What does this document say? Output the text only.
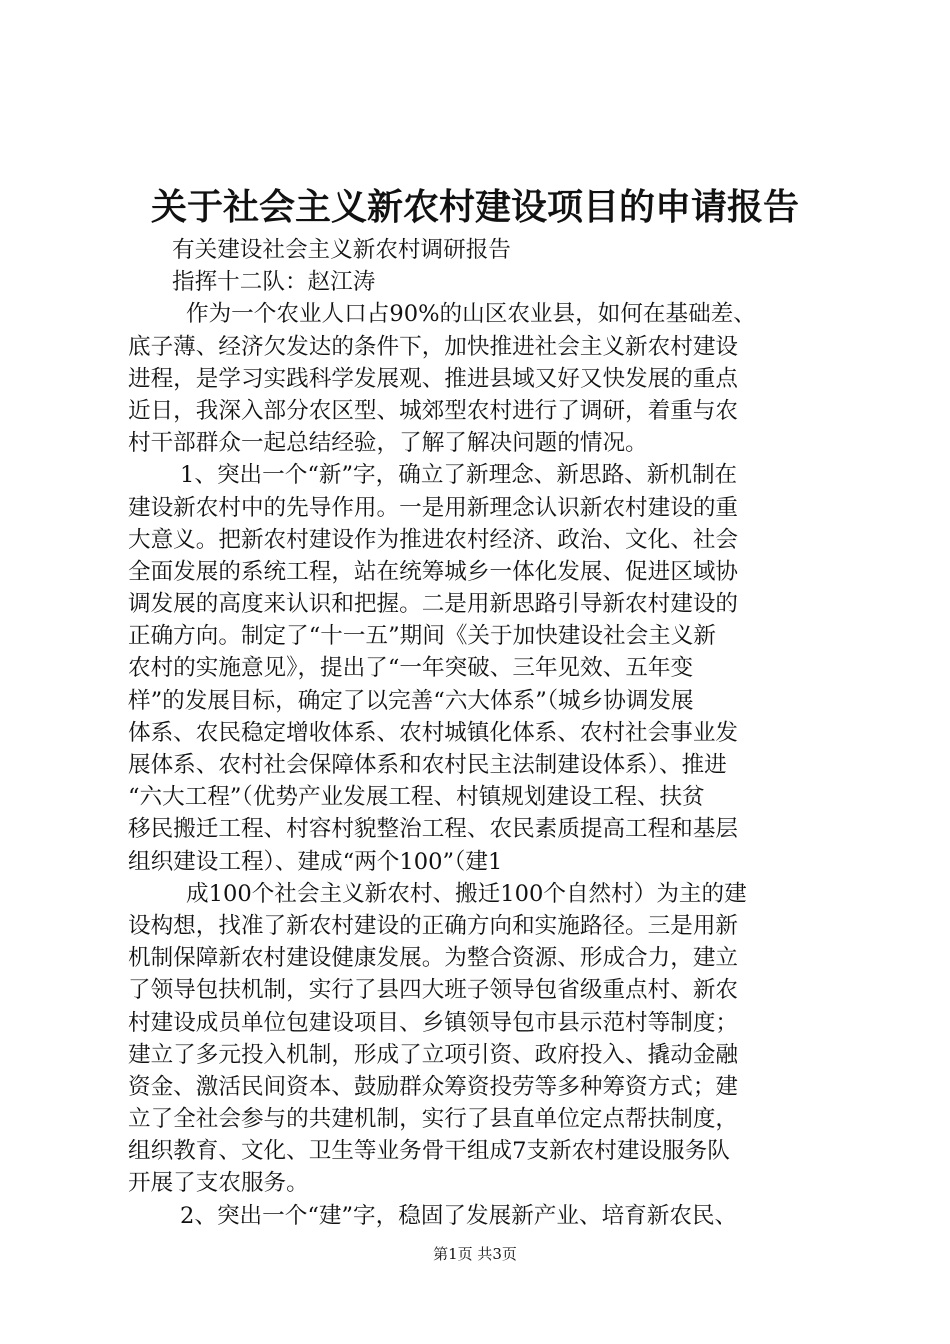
关于社会主义新农村建设项目的申请报告
有关建设社会主义新农村调研报告
指挥十二队：赵江涛
作为一个农业人口占90%的山区农业县，如何在基础差、
底子薄、经济欠发达的条件下，加快推进社会主义新农村建设
进程，是学习实践科学发展观、推进县域又好又快发展的重点
近日，我深入部分农区型、城郊型农村进行了调研，着重与农
村干部群众一起总结经验，了解了解决问题的情况。
1、突出一个“新”字，确立了新理念、新思路、新机制在
建设新农村中的先导作用。一是用新理念认识新农村建设的重
大意义。把新农村建设作为推进农村经济、政治、文化、社会
全面发展的系统工程，站在统筹城乡一体化发展、促进区域协
调发展的高度来认识和把握。二是用新思路引导新农村建设的
正确方向。制定了“十一五”期间《关于加快建设社会主义新
农村的实施意见》，提出了“一年突破、三年见效、五年变
样”的发展目标，确定了以完善“六大体系”（城乡协调发展
体系、农民稳定增收体系、农村城镇化体系、农村社会事业发
展体系、农村社会保障体系和农村民主法制建设体系）、推进
“六大工程”（优势产业发展工程、村镇规划建设工程、扶贫
移民搬迁工程、村容村貌整治工程、农民素质提高工程和基层
组织建设工程）、建成“两个100”（建1
成100个社会主义新农村、搬迁100个自然村）为主的建
设构想，找准了新农村建设的正确方向和实施路径。三是用新
机制保障新农村建设健康发展。为整合资源、形成合力，建立
了领导包扶机制，实行了县四大班子领导包省级重点村、新农
村建设成员单位包建设项目、乡镇领导包市县示范村等制度；
建立了多元投入机制，形成了立项引资、政府投入、撬动金融
资金、激活民间资本、鼓励群众筹资投劳等多种筹资方式；建
立了全社会参与的共建机制，实行了县直单位定点帮扶制度，
组织教育、文化、卫生等业务骨干组成7支新农村建设服务队
开展了支农服务。
2、突出一个“建”字，稳固了发展新产业、培育新农民、
第1页 共3页
